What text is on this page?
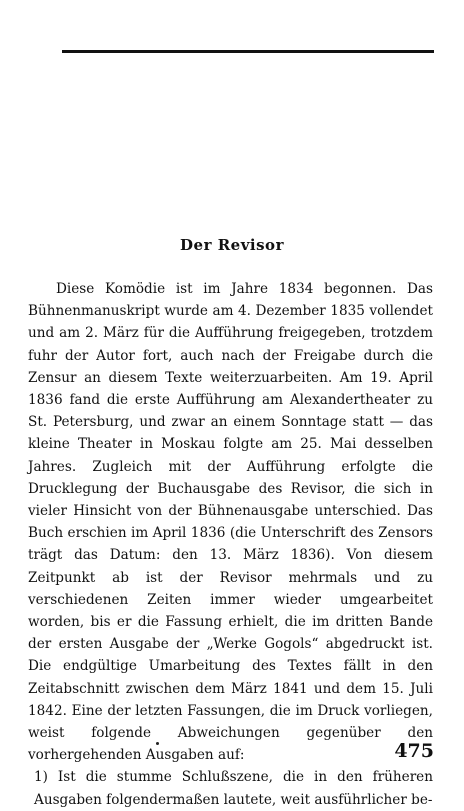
Der Revisor

Diese Komödie ist im Jahre 1834 begonnen. Das Bühnenmanuskript wurde am 4. Dezember 1835 vollendet und am 2. März für die Aufführung freigegeben, trotzdem fuhr der Autor fort, auch nach der Freigabe durch die Zensur an diesem Texte weiterzuarbeiten. Am 19. April 1836 fand die erste Aufführung am Alexandertheater zu St. Petersburg, und zwar an einem Sonntage statt — das kleine Theater in Moskau folgte am 25. Mai desselben Jahres. Zugleich mit der Aufführung erfolgte die Drucklegung der Buchausgabe des Revisor, die sich in vieler Hinsicht von der Bühnenausgabe unterschied. Das Buch erschien im April 1836 (die Unterschrift des Zensors trägt das Datum: den 13. März 1836). Von diesem Zeitpunkt ab ist der Revisor mehrmals und zu verschiedenen Zeiten immer wieder umgearbeitet worden, bis er die Fassung erhielt, die im dritten Bande der ersten Ausgabe der „Werke Gogols“ abgedruckt ist. Die endgültige Umarbeitung des Textes fällt in den Zeitabschnitt zwischen dem März 1841 und dem 15. Juli 1842. Eine der letzten Fassungen, die im Druck vorliegen, weist folgende Abweichungen gegenüber den vorhergehenden Ausgaben auf:

1) Ist die stumme Schlußszene, die in den früheren Ausgaben folgendermaßen lautete, weit ausführlicher be-

475
